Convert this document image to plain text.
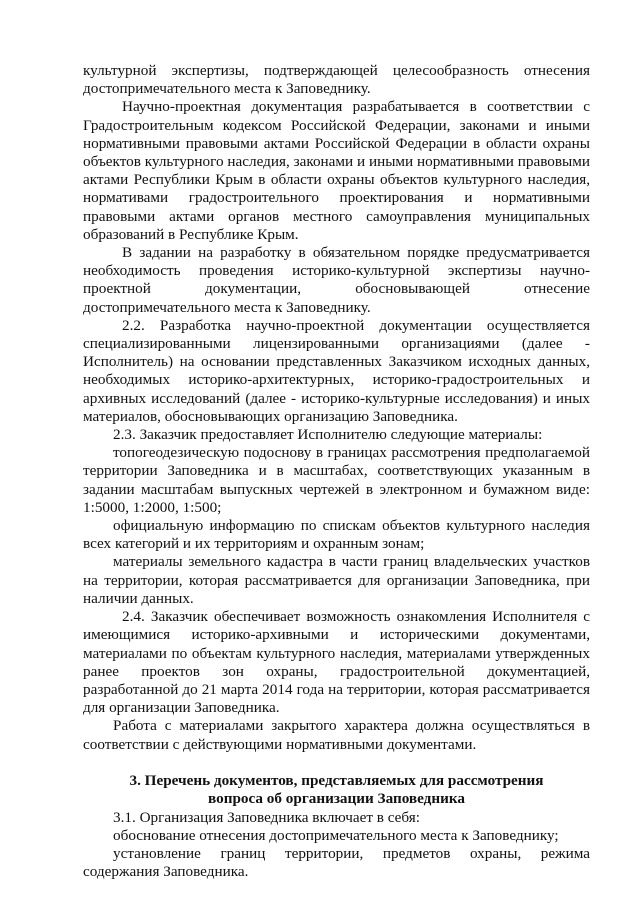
культурной экспертизы, подтверждающей целесообразность отнесения достопримечательного места к Заповеднику.

Научно-проектная документация разрабатывается в соответствии с Градостроительным кодексом Российской Федерации, законами и иными нормативными правовыми актами Российской Федерации в области охраны объектов культурного наследия, законами и иными нормативными правовыми актами Республики Крым в области охраны объектов культурного наследия, нормативами градостроительного проектирования и нормативными правовыми актами органов местного самоуправления муниципальных образований в Республике Крым.

В задании на разработку в обязательном порядке предусматривается необходимость проведения историко-культурной экспертизы научно-проектной документации, обосновывающей отнесение достопримечательного места к Заповеднику.

2.2. Разработка научно-проектной документации осуществляется специализированными лицензированными организациями (далее - Исполнитель) на основании представленных Заказчиком исходных данных, необходимых историко-архитектурных, историко-градостроительных и архивных исследований (далее - историко-культурные исследования) и иных материалов, обосновывающих организацию Заповедника.

2.3. Заказчик предоставляет Исполнителю следующие материалы:

топогеодезическую подоснову в границах рассмотрения предполагаемой территории Заповедника и в масштабах, соответствующих указанным в задании масштабам выпускных чертежей в электронном и бумажном виде: 1:5000, 1:2000, 1:500;

официальную информацию по спискам объектов культурного наследия всех категорий и их территориям и охранным зонам;

материалы земельного кадастра в части границ владельческих участков на территории, которая рассматривается для организации Заповедника, при наличии данных.

2.4. Заказчик обеспечивает возможность ознакомления Исполнителя с имеющимися историко-архивными и историческими документами, материалами по объектам культурного наследия, материалами утвержденных ранее проектов зон охраны, градостроительной документацией, разработанной до 21 марта 2014 года на территории, которая рассматривается для организации Заповедника.

Работа с материалами закрытого характера должна осуществляться в соответствии с действующими нормативными документами.

3. Перечень документов, представляемых для рассмотрения

вопроса об организации Заповедника

3.1. Организация Заповедника включает в себя:

обоснование отнесения достопримечательного места к Заповеднику;

установление границ территории, предметов охраны, режима содержания Заповедника.
